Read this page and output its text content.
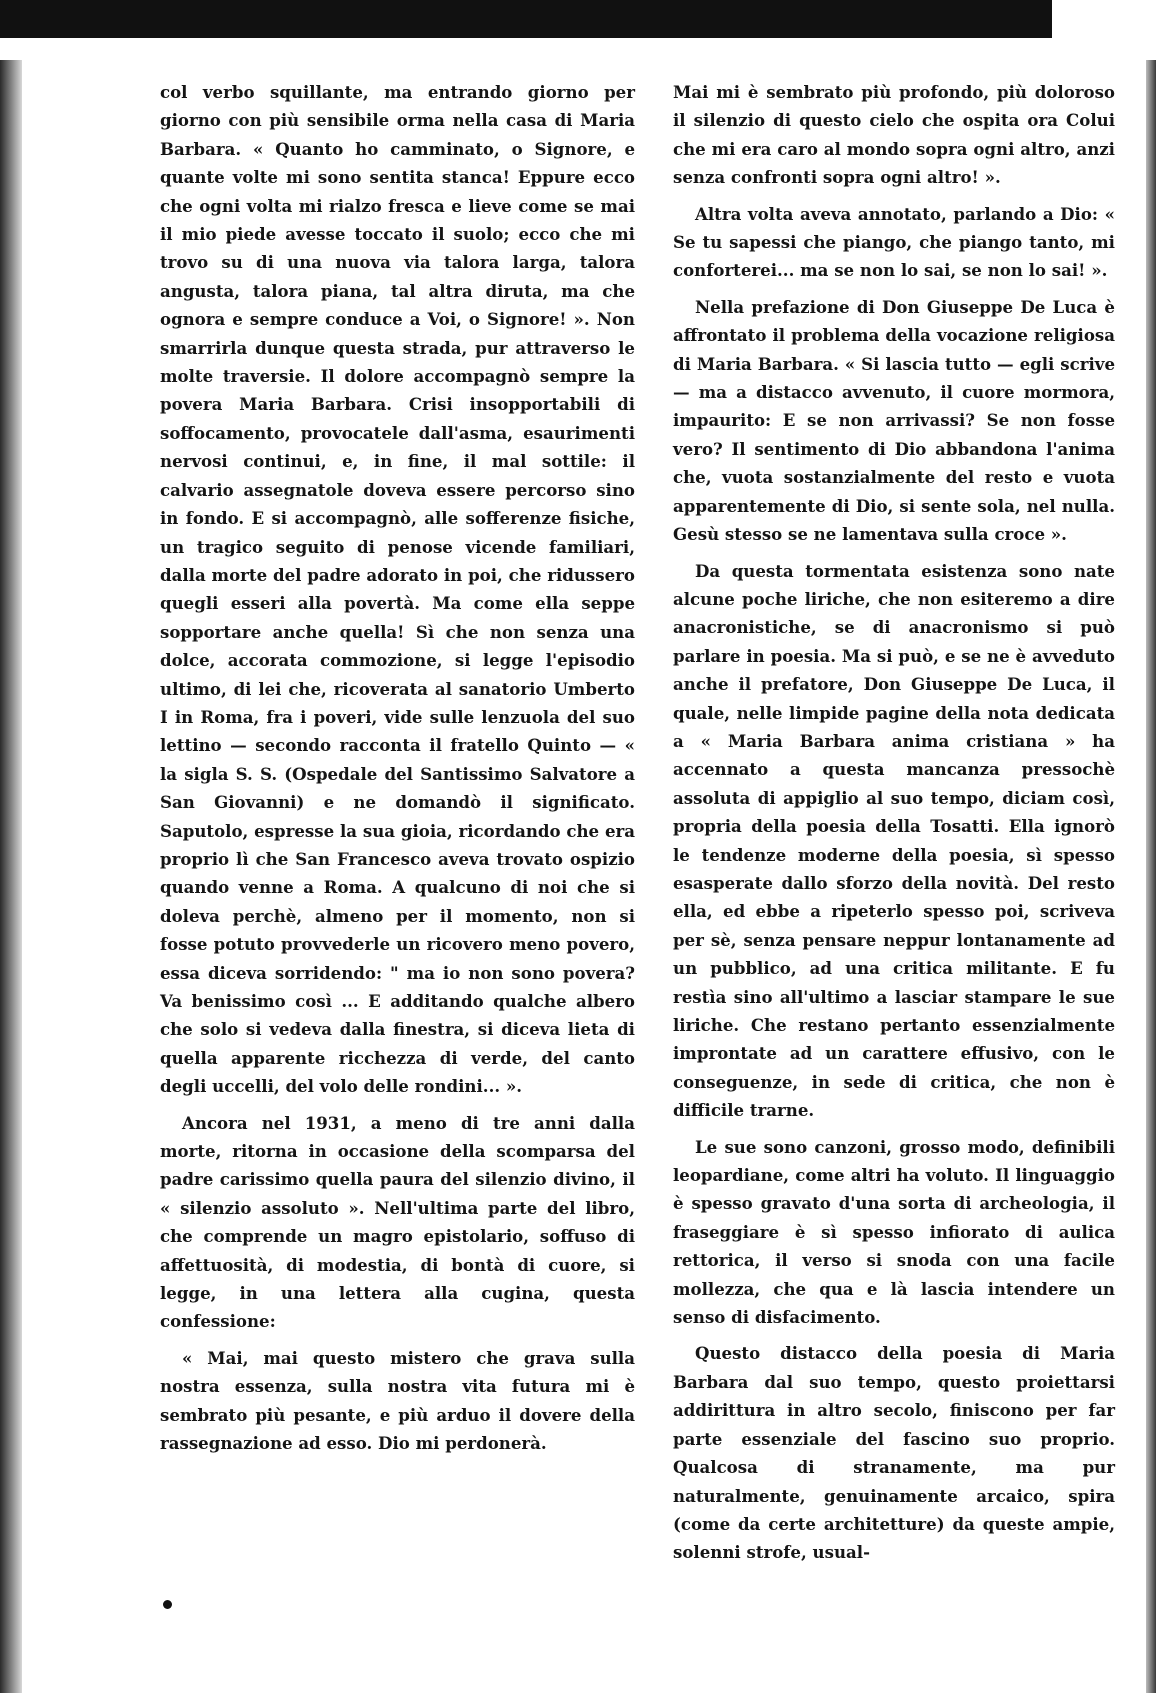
col verbo squillante, ma entrando giorno per giorno con più sensibile orma nella casa di Maria Barbara. « Quanto ho camminato, o Signore, e quante volte mi sono sentita stanca! Eppure ecco che ogni volta mi rialzo fresca e lieve come se mai il mio piede avesse toccato il suolo; ecco che mi trovo su di una nuova via talora larga, talora angusta, talora piana, tal altra diruta, ma che ognora e sempre conduce a Voi, o Signore! ». Non smarrirla dunque questa strada, pur attraverso le molte traversie. Il dolore accompagnò sempre la povera Maria Barbara. Crisi insopportabili di soffocamento, provocatele dall'asma, esaurimenti nervosi continui, e, in fine, il mal sottile: il calvario assegnatole doveva essere percorso sino in fondo. E si accompagnò, alle sofferenze fisiche, un tragico seguito di penose vicende familiari, dalla morte del padre adorato in poi, che ridussero quegli esseri alla povertà. Ma come ella seppe sopportare anche quella! Sì che non senza una dolce, accorata commozione, si legge l'episodio ultimo, di lei che, ricoverata al sanatorio Umberto I in Roma, fra i poveri, vide sulle lenzuola del suo lettino — secondo racconta il fratello Quinto — « la sigla S. S. (Ospedale del Santissimo Salvatore a San Giovanni) e ne domandò il significato. Saputolo, espresse la sua gioia, ricordando che era proprio lì che San Francesco aveva trovato ospizio quando venne a Roma. A qualcuno di noi che si doleva perchè, almeno per il momento, non si fosse potuto provvederle un ricovero meno povero, essa diceva sorridendo: " ma io non sono povera? Va benissimo così ... E additando qualche albero che solo si vedeva dalla finestra, si diceva lieta di quella apparente ricchezza di verde, del canto degli uccelli, del volo delle rondini... ».

Ancora nel 1931, a meno di tre anni dalla morte, ritorna in occasione della scomparsa del padre carissimo quella paura del silenzio divino, il « silenzio assoluto ». Nell'ultima parte del libro, che comprende un magro epistolario, soffuso di affettuosità, di modestia, di bontà di cuore, si legge, in una lettera alla cugina, questa confessione:

« Mai, mai questo mistero che grava sulla nostra essenza, sulla nostra vita futura mi è sembrato più pesante, e più arduo il dovere della rassegnazione ad esso. Dio mi perdonerà.

Mai mi è sembrato più profondo, più doloroso il silenzio di questo cielo che ospita ora Colui che mi era caro al mondo sopra ogni altro, anzi senza confronti sopra ogni altro! ».

Altra volta aveva annotato, parlando a Dio: « Se tu sapessi che piango, che piango tanto, mi conforterei... ma se non lo sai, se non lo sai! ».

Nella prefazione di Don Giuseppe De Luca è affrontato il problema della vocazione religiosa di Maria Barbara. « Si lascia tutto — egli scrive — ma a distacco avvenuto, il cuore mormora, impaurito: E se non arrivassi? Se non fosse vero? Il sentimento di Dio abbandona l'anima che, vuota sostanzialmente del resto e vuota apparentemente di Dio, si sente sola, nel nulla. Gesù stesso se ne lamentava sulla croce ».

Da questa tormentata esistenza sono nate alcune poche liriche, che non esiteremo a dire anacronistiche, se di anacronismo si può parlare in poesia. Ma si può, e se ne è avveduto anche il prefatore, Don Giuseppe De Luca, il quale, nelle limpide pagine della nota dedicata a « Maria Barbara anima cristiana » ha accennato a questa mancanza pressochè assoluta di appiglio al suo tempo, diciam così, propria della poesia della Tosatti. Ella ignorò le tendenze moderne della poesia, sì spesso esasperate dallo sforzo della novità. Del resto ella, ed ebbe a ripeterlo spesso poi, scriveva per sè, senza pensare neppur lontanamente ad un pubblico, ad una critica militante. E fu restìa sino all'ultimo a lasciar stampare le sue liriche. Che restano pertanto essenzialmente improntate ad un carattere effusivo, con le conseguenze, in sede di critica, che non è difficile trarne.

Le sue sono canzoni, grosso modo, definibili leopardiane, come altri ha voluto. Il linguaggio è spesso gravato d'una sorta di archeologia, il fraseggiare è sì spesso infiorato di aulica rettorica, il verso si snoda con una facile mollezza, che qua e là lascia intendere un senso di disfacimento.

Questo distacco della poesia di Maria Barbara dal suo tempo, questo proiettarsi addirittura in altro secolo, finiscono per far parte essenziale del fascino suo proprio. Qualcosa di stranamente, ma pur naturalmente, genuinamente arcaico, spira (come da certe architetture) da queste ampie, solenni strofe, usual-
